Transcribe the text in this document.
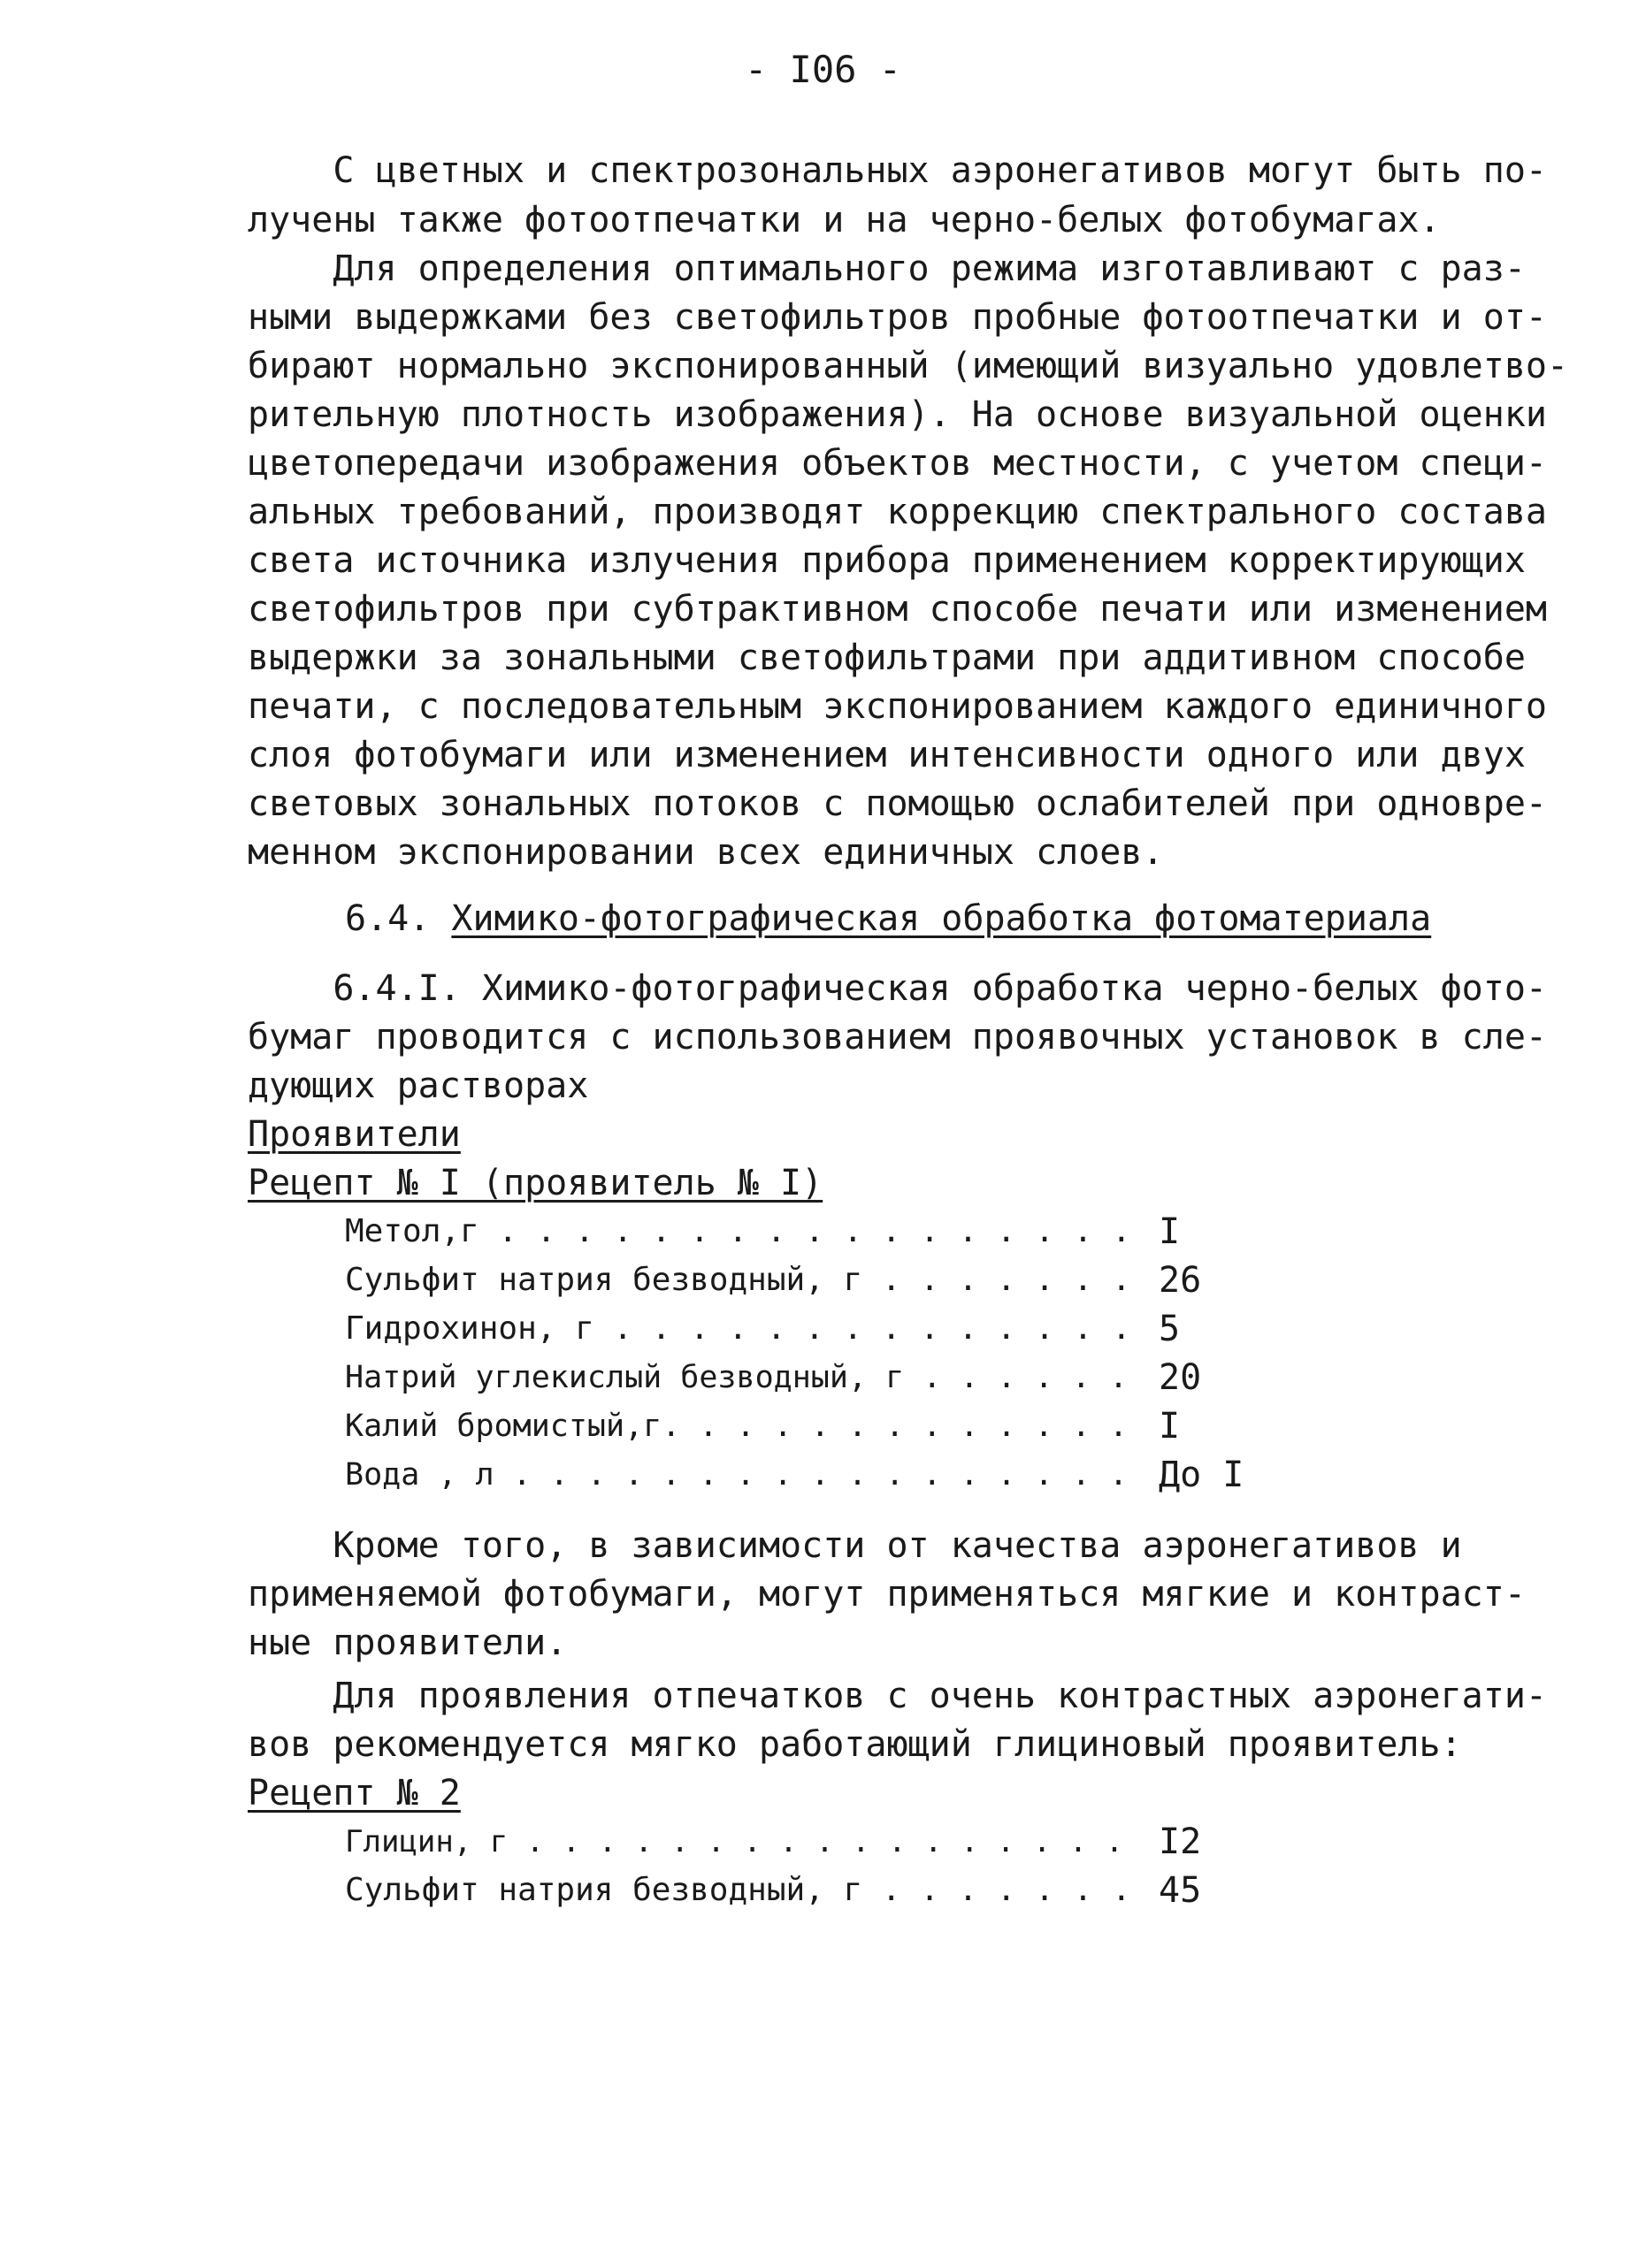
- I06 -
С цветных и спектрозональных аэронегативов могут быть по-
лучены также фотоотпечатки и на черно-белых фотобумагах.
Для определения оптимального режима изготавливают с раз-
ными выдержками без светофильтров пробные фотоотпечатки и от-
бирают нормально экспонированный (имеющий визуально удовлетво-
рительную плотность изображения). На основе визуальной оценки
цветопередачи изображения объектов местности, с учетом специ-
альных требований, производят коррекцию спектрального состава
света источника излучения прибора применением корректирующих
светофильтров при субтрактивном способе печати или изменением
выдержки за зональными светофильтрами при аддитивном способе
печати, с последовательным экспонированием каждого единичного
слоя фотобумаги или изменением интенсивности одного или двух
световых зональных потоков с помощью ослабителей при одновре-
менном экспонировании всех единичных слоев.
6.4. Химико-фотографическая обработка фотоматериала
6.4.I. Химико-фотографическая обработка черно-белых фото-
бумаг проводится с использованием проявочных установок в сле-
дующих растворах
Проявители
Рецепт № I (проявитель № I)

Метол,г . . . . . . . . . . . . . . . . .

I

Сульфит натрия безводный, г . . . . . . .

26

Гидрохинон, г . . . . . . . . . . . . . .

5

Натрий углекислый безводный, г . . . . . .

20

Калий бромистый,г. . . . . . . . . . . . .

I

Вода , л . . . . . . . . . . . . . . . . .

До I

Кроме того, в зависимости от качества аэронегативов и
применяемой фотобумаги, могут применяться мягкие и контраст-
ные проявители.
Для проявления отпечатков с очень контрастных аэронегати-
вов рекомендуется мягко работающий глициновый проявитель:
Рецепт № 2

Глицин, г . . . . . . . . . . . . . . . . .

I2

Сульфит натрия безводный, г . . . . . . .

45
